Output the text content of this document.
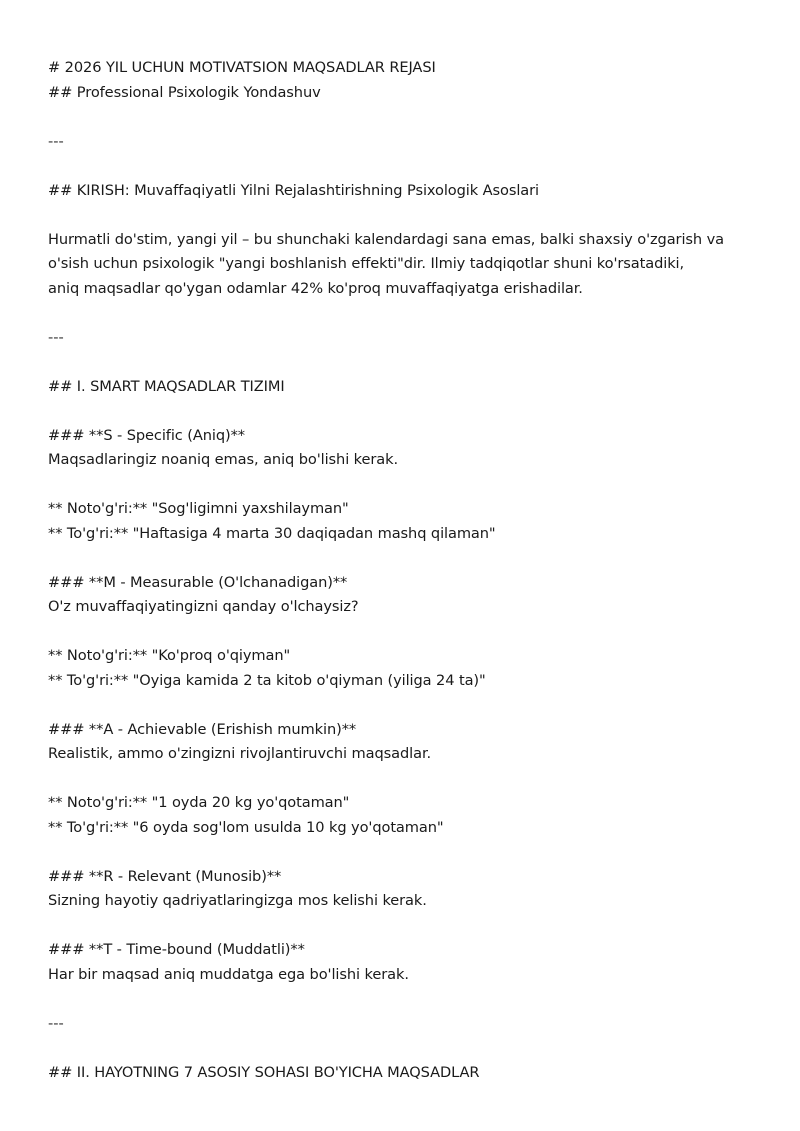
# 2026 YIL UCHUN MOTIVATSION MAQSADLAR REJASI
## Professional Psixologik Yondashuv
---
## KIRISH: Muvaffaqiyatli Yilni Rejalashtirishning Psixologik Asoslari
Hurmatli do'stim, yangi yil – bu shunchaki kalendardagi sana emas, balki shaxsiy o'zgarish va
o'sish uchun psixologik "yangi boshlanish effekti"dir. Ilmiy tadqiqotlar shuni ko'rsatadiki,
aniq maqsadlar qo'ygan odamlar 42% ko'proq muvaffaqiyatga erishadilar.
---
## I. SMART MAQSADLAR TIZIMI
### **S - Specific (Aniq)**
Maqsadlaringiz noaniq emas, aniq bo'lishi kerak.
** Noto'g'ri:** "Sog'ligimni yaxshilayman"
** To'g'ri:** "Haftasiga 4 marta 30 daqiqadan mashq qilaman"
### **M - Measurable (O'lchanadigan)**
O'z muvaffaqiyatingizni qanday o'lchaysiz?
** Noto'g'ri:** "Ko'proq o'qiyman"
** To'g'ri:** "Oyiga kamida 2 ta kitob o'qiyman (yiliga 24 ta)"
### **A - Achievable (Erishish mumkin)**
Realistik, ammo o'zingizni rivojlantiruvchi maqsadlar.
** Noto'g'ri:** "1 oyda 20 kg yo'qotaman"
** To'g'ri:** "6 oyda sog'lom usulda 10 kg yo'qotaman"
### **R - Relevant (Munosib)**
Sizning hayotiy qadriyatlaringizga mos kelishi kerak.
### **T - Time-bound (Muddatli)**
Har bir maqsad aniq muddatga ega bo'lishi kerak.
---
## II. HAYOTNING 7 ASOSIY SOHASI BO'YICHA MAQSADLAR
